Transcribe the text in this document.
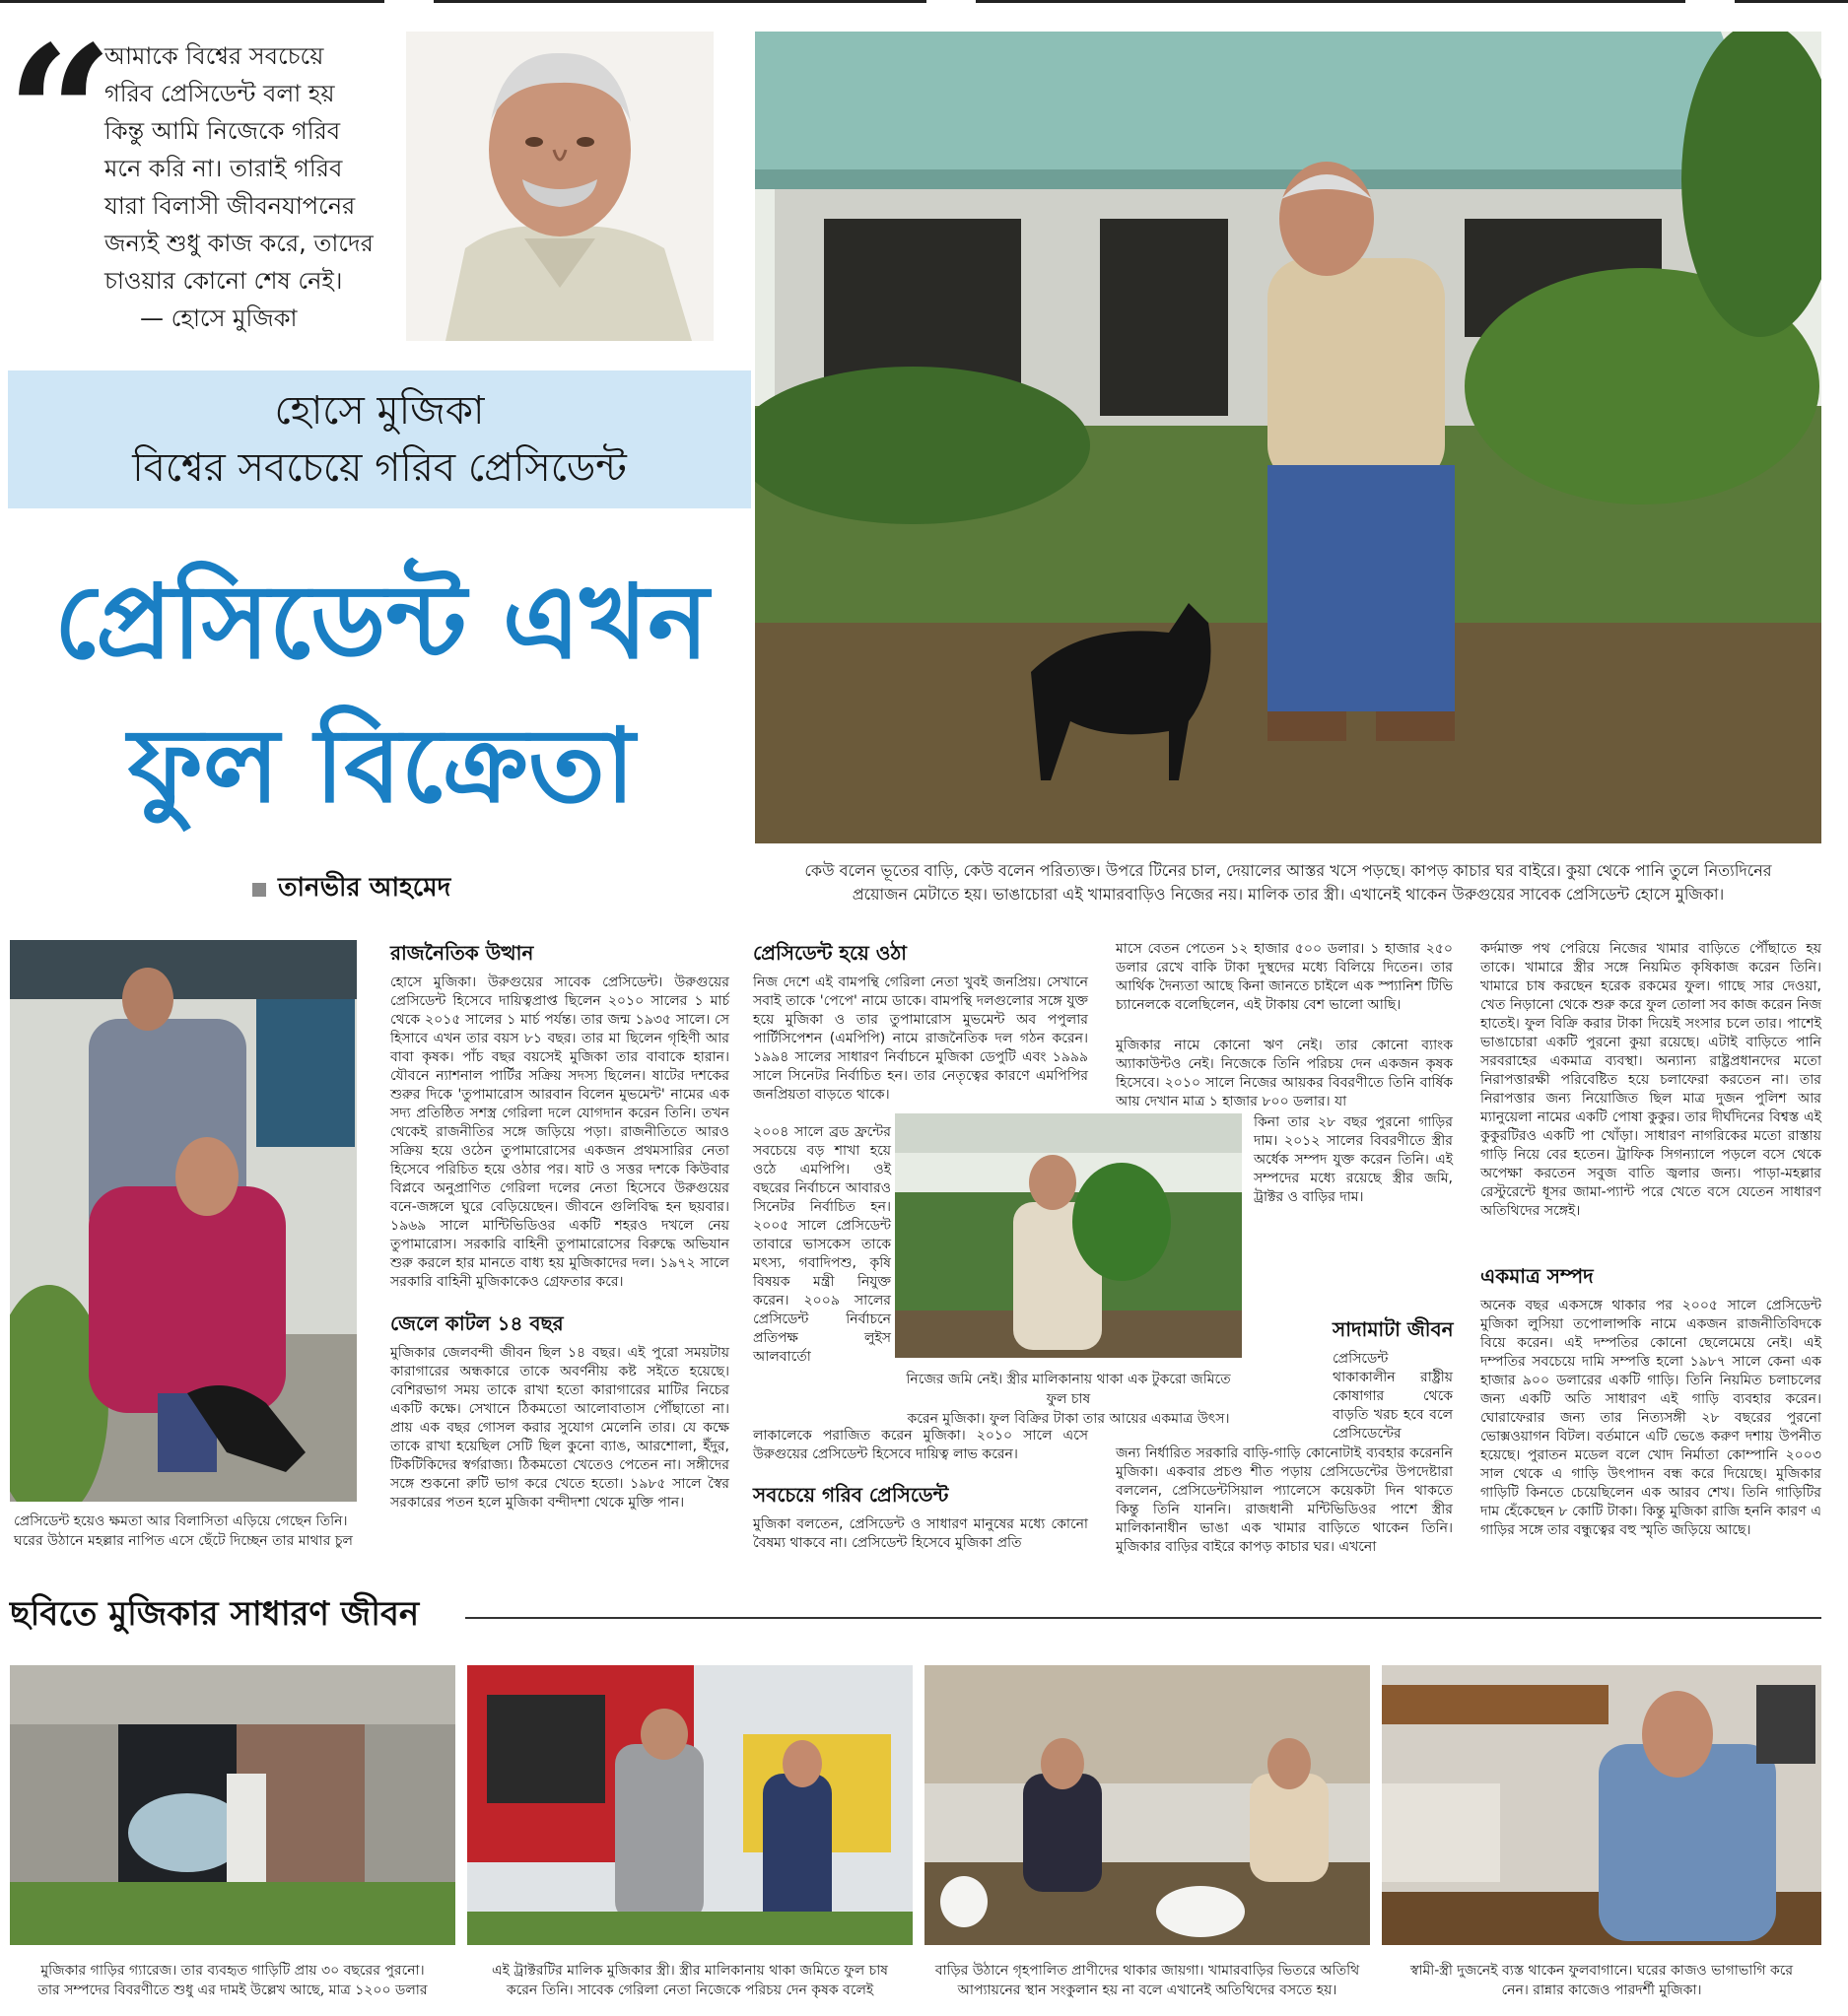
“

আমাকে বিশ্বের সবচেয়ে

গরিব প্রেসিডেন্ট বলা হয়

কিন্তু আমি নিজেকে গরিব

মনে করি না। তারাই গরিব

যারা বিলাসী জীবনযাপনের

জন্যই শুধু কাজ করে, তাদের

চাওয়ার কোনো শেষ নেই।

— হোসে মুজিকা

হোসে মুজিকা
বিশ্বের সবচেয়ে গরিব প্রেসিডেন্ট
প্রেসিডেন্ট এখন
ফুল বিক্রেতা
তানভীর আহমেদ
কেউ বলেন ভূতের বাড়ি, কেউ বলেন পরিত্যক্ত। উপরে টিনের চাল, দেয়ালের আস্তর খসে পড়ছে। কাপড় কাচার ঘর বাইরে। কুয়া থেকে পানি তুলে নিত্যদিনের
প্রয়োজন মেটাতে হয়। ভাঙাচোরা এই খামারবাড়িও নিজের নয়। মালিক তার স্ত্রী। এখানেই থাকেন উরুগুয়ের সাবেক প্রেসিডেন্ট হোসে মুজিকা।
প্রেসিডেন্ট হয়েও ক্ষমতা আর বিলাসিতা এড়িয়ে গেছেন তিনি।
ঘরের উঠানে মহল্লার নাপিত এসে ছেঁটে দিচ্ছেন তার মাথার চুল
রাজনৈতিক উত্থান
হোসে মুজিকা। উরুগুয়ের সাবেক প্রেসিডেন্ট। উরুগুয়ের প্রেসিডেন্ট হিসেবে দায়িত্বপ্রাপ্ত ছিলেন ২০১০ সালের ১ মার্চ থেকে ২০১৫ সালের ১ মার্চ পর্যন্ত। তার জন্ম ১৯৩৫ সালে। সে হিসাবে এখন তার বয়স ৮১ বছর। তার মা ছিলেন গৃহিণী আর বাবা কৃষক। পাঁচ বছর বয়সেই মুজিকা তার বাবাকে হারান। যৌবনে ন্যাশনাল পার্টির সক্রিয় সদস্য ছিলেন। ষাটের দশকের শুরুর দিকে 'তুপামারোস আরবান বিলেন মুভমেন্ট' নামের এক সদ্য প্রতিষ্ঠিত সশস্ত্র গেরিলা দলে যোগদান করেন তিনি। তখন থেকেই রাজনীতির সঙ্গে জড়িয়ে পড়া। রাজনীতিতে আরও সক্রিয় হয়ে ওঠেন তুপামারোসের একজন প্রথমসারির নেতা হিসেবে পরিচিত হয়ে ওঠার পর। ষাট ও সত্তর দশকে কিউবার বিপ্লবে অনুপ্রাণিত গেরিলা দলের নেতা হিসেবে উরুগুয়ের বনে-জঙ্গলে ঘুরে বেড়িয়েছেন। জীবনে গুলিবিদ্ধ হন ছয়বার। ১৯৬৯ সালে মান্টিভিডিওর একটি শহরও দখলে নেয় তুপামারোস। সরকারি বাহিনী তুপামারোসের বিরুদ্ধে অভিযান শুরু করলে হার মানতে বাধ্য হয় মুজিকাদের দল। ১৯৭২ সালে সরকারি বাহিনী মুজিকাকেও গ্রেফতার করে।
জেলে কাটল ১৪ বছর
মুজিকার জেলবন্দী জীবন ছিল ১৪ বছর। এই পুরো সময়টায় কারাগারের অন্ধকারে তাকে অবর্ণনীয় কষ্ট সইতে হয়েছে। বেশিরভাগ সময় তাকে রাখা হতো কারাগারের মাটির নিচের একটি কক্ষে। সেখানে ঠিকমতো আলোবাতাস পৌঁছাতো না। প্রায় এক বছর গোসল করার সুযোগ মেলেনি তার। যে কক্ষে তাকে রাখা হয়েছিল সেটি ছিল কুনো ব্যাঙ, আরশোলা, ইঁদুর, টিকটিকিদের স্বর্গরাজ্য। ঠিকমতো খেতেও পেতেন না। সঙ্গীদের সঙ্গে শুকনো রুটি ভাগ করে খেতে হতো। ১৯৮৫ সালে স্বৈর সরকারের পতন হলে মুজিকা বন্দীদশা থেকে মুক্তি পান।
প্রেসিডেন্ট হয়ে ওঠা
নিজ দেশে এই বামপন্থি গেরিলা নেতা খুবই জনপ্রিয়। সেখানে সবাই তাকে 'পেপে' নামে ডাকে। বামপন্থি দলগুলোর সঙ্গে যুক্ত হয়ে মুজিকা ও তার তুপামারোস মুভমেন্ট অব পপুলার পার্টিসিপেশন (এমপিপি) নামে রাজনৈতিক দল গঠন করেন। ১৯৯৪ সালের সাধারণ নির্বাচনে মুজিকা ডেপুটি এবং ১৯৯৯ সালে সিনেটর নির্বাচিত হন। তার নেতৃত্বের কারণে এমপিপির জনপ্রিয়তা বাড়তে থাকে।
২০০৪ সালে ব্রড ফ্রন্টের সবচেয়ে বড় শাখা হয়ে ওঠে এমপিপি। ওই বছরের নির্বাচনে আবারও সিনেটর নির্বাচিত হন। ২০০৫ সালে প্রেসিডেন্ট তাবারে ভাসকেস তাকে মৎস্য, গবাদিপশু, কৃষি বিষয়ক মন্ত্রী নিযুক্ত করেন। ২০০৯ সালের প্রেসিডেন্ট নির্বাচনে প্রতিপক্ষ লুইস আলবার্তো
লাকালেকে পরাজিত করেন মুজিকা। ২০১০ সালে এসে উরুগুয়ের প্রেসিডেন্ট হিসেবে দায়িত্ব লাভ করেন।
সবচেয়ে গরিব প্রেসিডেন্ট
মুজিকা বলতেন, প্রেসিডেন্ট ও সাধারণ মানুষের মধ্যে কোনো বৈষম্য থাকবে না। প্রেসিডেন্ট হিসেবে মুজিকা প্রতি
নিজের জমি নেই। স্ত্রীর মালিকানায় থাকা এক টুকরো জমিতে ফুল চাষ
করেন মুজিকা। ফুল বিক্রির টাকা তার আয়ের একমাত্র উৎস।
মাসে বেতন পেতেন ১২ হাজার ৫০০ ডলার। ১ হাজার ২৫০ ডলার রেখে বাকি টাকা দুস্থদের মধ্যে বিলিয়ে দিতেন। তার আর্থিক দৈন্যতা আছে কিনা জানতে চাইলে এক স্প্যানিশ টিভি চ্যানেলকে বলেছিলেন, এই টাকায় বেশ ভালো আছি।
মুজিকার নামে কোনো ঋণ নেই। তার কোনো ব্যাংক অ্যাকাউন্টও নেই। নিজেকে তিনি পরিচয় দেন একজন কৃষক হিসেবে। ২০১০ সালে নিজের আয়কর বিবরণীতে তিনি বার্ষিক আয় দেখান মাত্র ১ হাজার ৮০০ ডলার। যা
কিনা তার ২৮ বছর পুরনো গাড়ির দাম। ২০১২ সালের বিবরণীতে স্ত্রীর অর্ধেক সম্পদ যুক্ত করেন তিনি। এই সম্পদের মধ্যে রয়েছে স্ত্রীর জমি, ট্রাক্টর ও বাড়ির দাম।
সাদামাটা জীবন
প্রেসিডেন্ট থাকাকালীন রাষ্ট্রীয় কোষাগার থেকে বাড়তি খরচ হবে বলে প্রেসিডেন্টের
জন্য নির্ধারিত সরকারি বাড়ি-গাড়ি কোনোটাই ব্যবহার করেননি মুজিকা। একবার প্রচণ্ড শীত পড়ায় প্রেসিডেন্টের উপদেষ্টারা বললেন, প্রেসিডেন্টসিয়াল প্যালেসে কয়েকটা দিন থাকতে কিন্তু তিনি যাননি। রাজধানী মন্টিভিডিওর পাশে স্ত্রীর মালিকানাধীন ভাঙা এক খামার বাড়িতে থাকেন তিনি। মুজিকার বাড়ির বাইরে কাপড় কাচার ঘর। এখনো
কর্দমাক্ত পথ পেরিয়ে নিজের খামার বাড়িতে পৌঁছাতে হয় তাকে। খামারে স্ত্রীর সঙ্গে নিয়মিত কৃষিকাজ করেন তিনি। খামারে চাষ করছেন হরেক রকমের ফুল। গাছে সার দেওয়া, খেত নিড়ানো থেকে শুরু করে ফুল তোলা সব কাজ করেন নিজ হাতেই। ফুল বিক্রি করার টাকা দিয়েই সংসার চলে তার। পাশেই ভাঙাচোরা একটি পুরনো কুয়া রয়েছে। এটাই বাড়িতে পানি সরবরাহের একমাত্র ব্যবস্থা। অন্যান্য রাষ্ট্রপ্রধানদের মতো নিরাপত্তারক্ষী পরিবেষ্টিত হয়ে চলাফেরা করতেন না। তার নিরাপত্তার জন্য নিয়োজিত ছিল মাত্র দুজন পুলিশ আর ম্যানুয়েলা নামের একটি পোষা কুকুর। তার দীর্ঘদিনের বিশ্বস্ত এই কুকুরটিরও একটি পা খোঁড়া। সাধারণ নাগরিকের মতো রাস্তায় গাড়ি নিয়ে বের হতেন। ট্রাফিক সিগন্যালে পড়লে বসে থেকে অপেক্ষা করতেন সবুজ বাতি জ্বলার জন্য। পাড়া-মহল্লার রেস্টুরেন্টে ধূসর জামা-প্যান্ট পরে খেতে বসে যেতেন সাধারণ অতিথিদের সঙ্গেই।
একমাত্র সম্পদ
অনেক বছর একসঙ্গে থাকার পর ২০০৫ সালে প্রেসিডেন্ট মুজিকা লুসিয়া তপোলান্সকি নামে একজন রাজনীতিবিদকে বিয়ে করেন। এই দম্পতির কোনো ছেলেমেয়ে নেই। এই দম্পতির সবচেয়ে দামি সম্পত্তি হলো ১৯৮৭ সালে কেনা এক হাজার ৯০০ ডলারের একটি গাড়ি। তিনি নিয়মিত চলাচলের জন্য একটি অতি সাধারণ এই গাড়ি ব্যবহার করেন। ঘোরাফেরার জন্য তার নিত্যসঙ্গী ২৮ বছরের পুরনো ভোক্সওয়াগন বিটল। বর্তমানে এটি ভেঙে করুণ দশায় উপনীত হয়েছে। পুরাতন মডেল বলে খোদ নির্মাতা কোম্পানি ২০০৩ সাল থেকে এ গাড়ি উৎপাদন বন্ধ করে দিয়েছে। মুজিকার গাড়িটি কিনতে চেয়েছিলেন এক আরব শেখ। তিনি গাড়িটির দাম হেঁকেছেন ৮ কোটি টাকা। কিন্তু মুজিকা রাজি হননি কারণ এ গাড়ির সঙ্গে তার বন্ধুত্বের বহু স্মৃতি জড়িয়ে আছে।
ছবিতে মুজিকার সাধারণ জীবন
মুজিকার গাড়ির গ্যারেজ। তার ব্যবহৃত গাড়িটি প্রায় ৩০ বছরের পুরনো।
তার সম্পদের বিবরণীতে শুধু এর দামই উল্লেখ আছে, মাত্র ১২০০ ডলার
এই ট্রাক্টরটির মালিক মুজিকার স্ত্রী। স্ত্রীর মালিকানায় থাকা জমিতে ফুল চাষ
করেন তিনি। সাবেক গেরিলা নেতা নিজেকে পরিচয় দেন কৃষক বলেই
বাড়ির উঠানে গৃহপালিত প্রাণীদের থাকার জায়গা। খামারবাড়ির ভিতরে অতিথি
আপ্যায়নের স্থান সংকুলান হয় না বলে এখানেই অতিথিদের বসতে হয়।
স্বামী-স্ত্রী দুজনেই ব্যস্ত থাকেন ফুলবাগানে। ঘরের কাজও ভাগাভাগি করে
নেন। রান্নার কাজেও পারদর্শী মুজিকা।
